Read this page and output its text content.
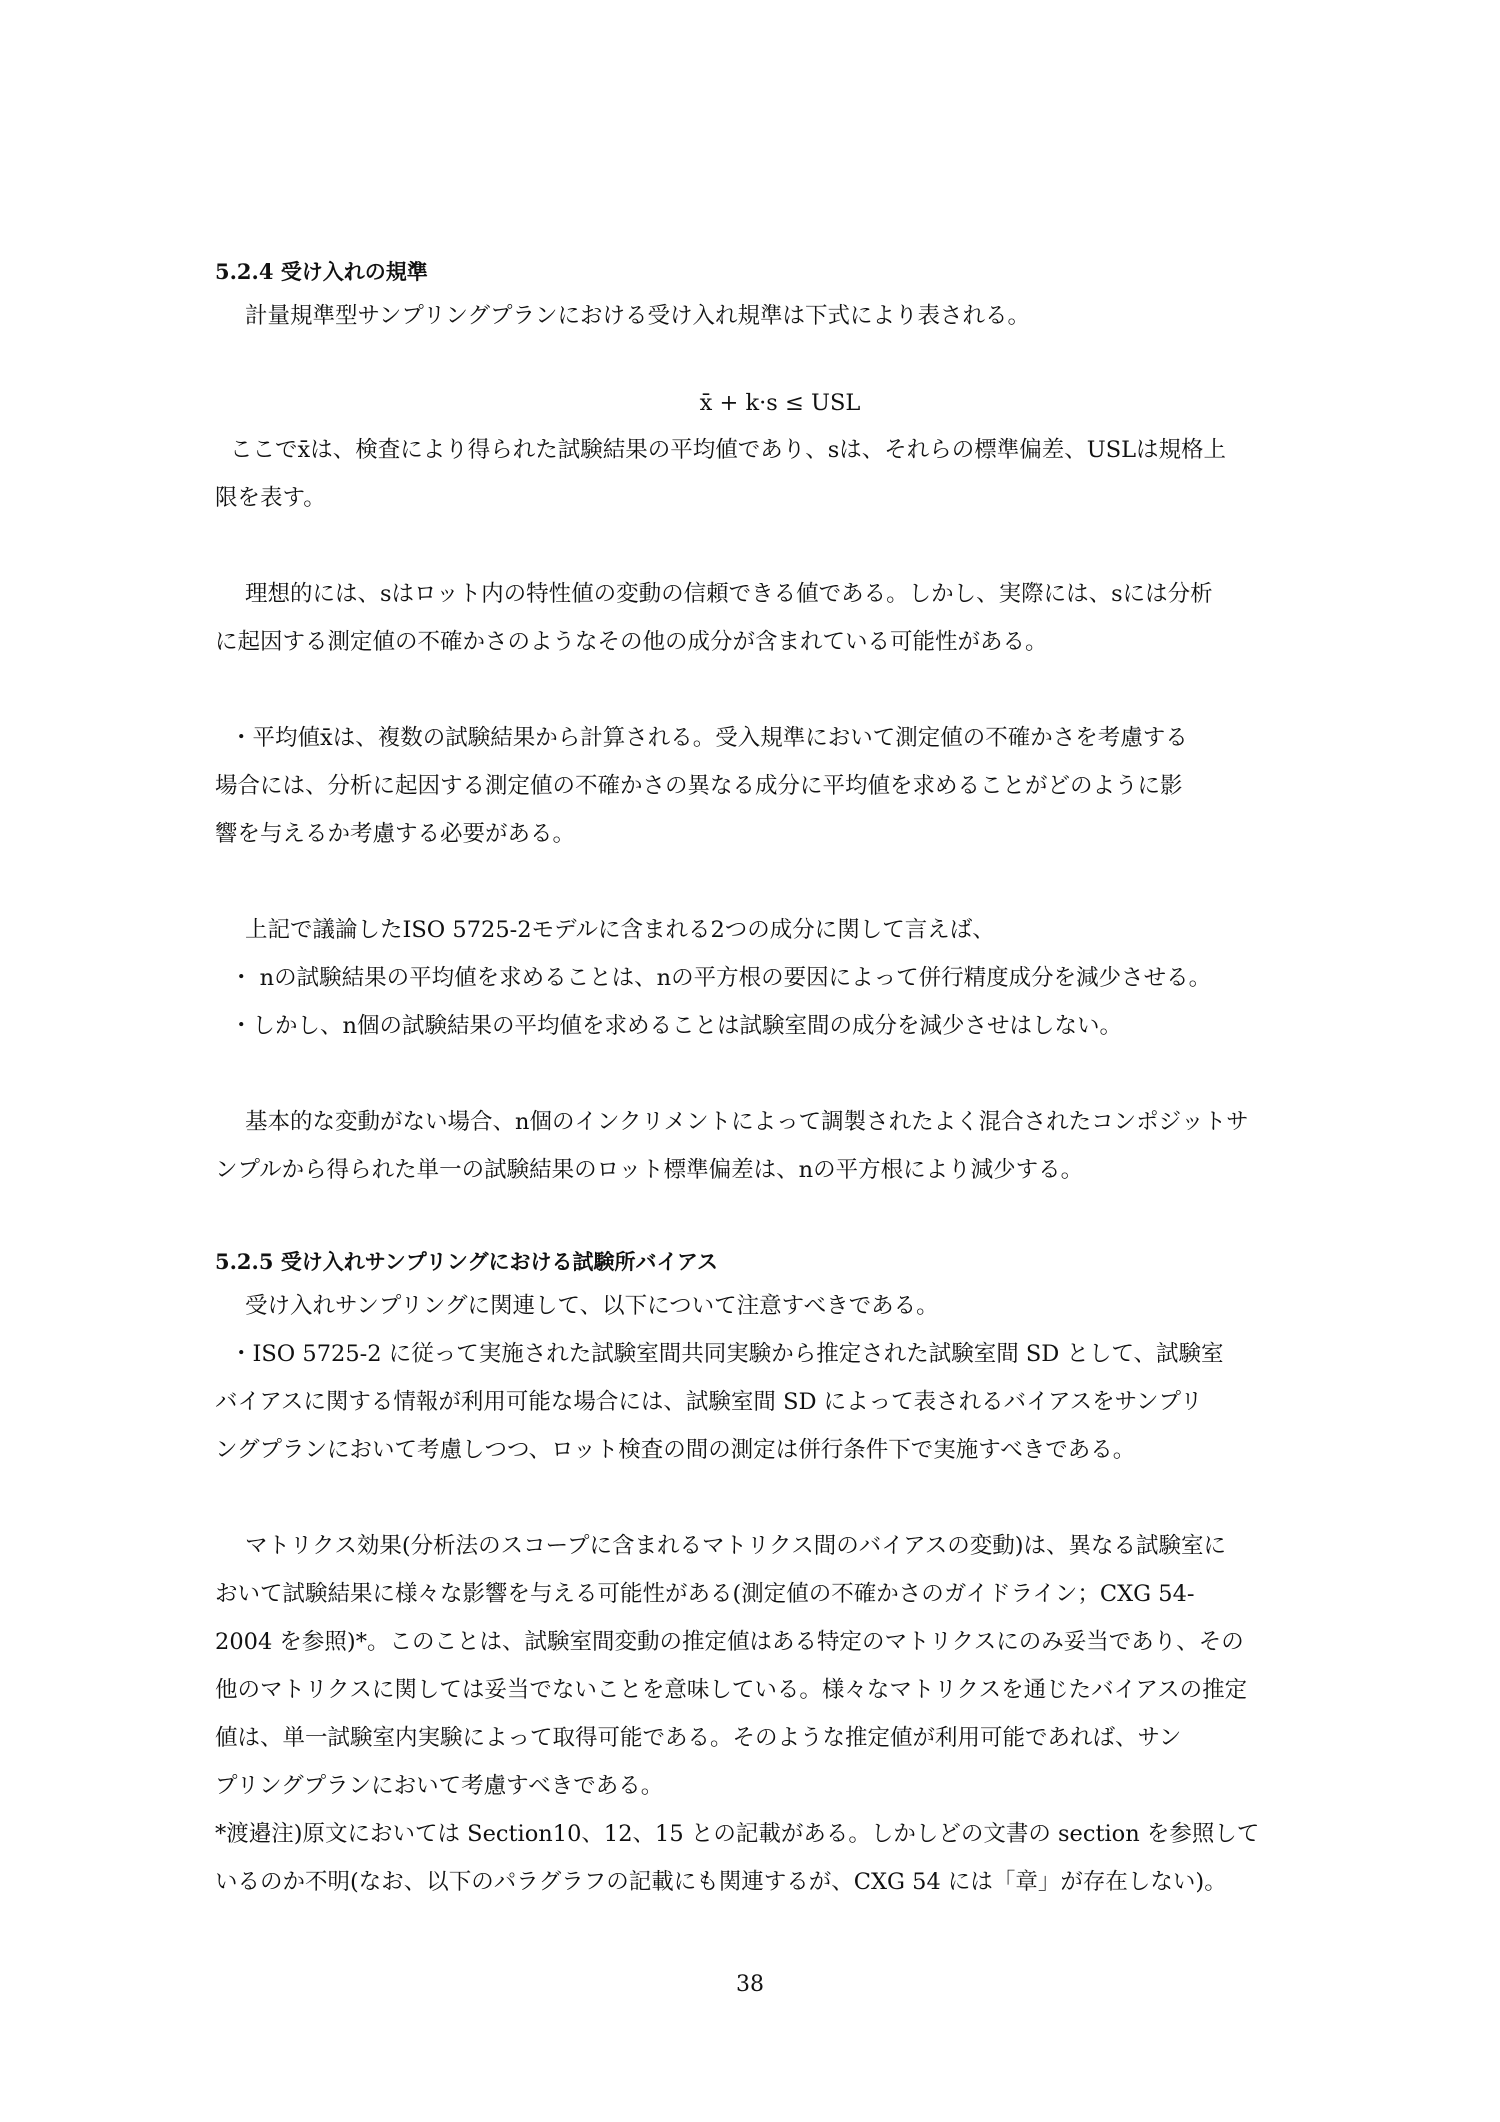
5.2.4 受け入れの規準
計量規準型サンプリングプランにおける受け入れ規準は下式により表される。
x̄ + k·s ≤ USL
ここでx̄は、検査により得られた試験結果の平均値であり、sは、それらの標準偏差、USLは規格上
限を表す。
理想的には、sはロット内の特性値の変動の信頼できる値である。しかし、実際には、sには分析
に起因する測定値の不確かさのようなその他の成分が含まれている可能性がある。
・平均値x̄は、複数の試験結果から計算される。受入規準において測定値の不確かさを考慮する
場合には、分析に起因する測定値の不確かさの異なる成分に平均値を求めることがどのように影
響を与えるか考慮する必要がある。
上記で議論したISO 5725-2モデルに含まれる2つの成分に関して言えば、
・ nの試験結果の平均値を求めることは、nの平方根の要因によって併行精度成分を減少させる。
・しかし、n個の試験結果の平均値を求めることは試験室間の成分を減少させはしない。
基本的な変動がない場合、n個のインクリメントによって調製されたよく混合されたコンポジットサ
ンプルから得られた単一の試験結果のロット標準偏差は、nの平方根により減少する。
5.2.5 受け入れサンプリングにおける試験所バイアス
受け入れサンプリングに関連して、以下について注意すべきである。
・ISO 5725-2 に従って実施された試験室間共同実験から推定された試験室間 SD として、試験室
バイアスに関する情報が利用可能な場合には、試験室間 SD によって表されるバイアスをサンプリ
ングプランにおいて考慮しつつ、ロット検査の間の測定は併行条件下で実施すべきである。
マトリクス効果(分析法のスコープに含まれるマトリクス間のバイアスの変動)は、異なる試験室に
おいて試験結果に様々な影響を与える可能性がある(測定値の不確かさのガイドライン；CXG 54-
2004 を参照)*。このことは、試験室間変動の推定値はある特定のマトリクスにのみ妥当であり、その
他のマトリクスに関しては妥当でないことを意味している。様々なマトリクスを通じたバイアスの推定
値は、単一試験室内実験によって取得可能である。そのような推定値が利用可能であれば、サン
プリングプランにおいて考慮すべきである。
*渡邉注)原文においては Section10、12、15 との記載がある。しかしどの文書の section を参照して
いるのか不明(なお、以下のパラグラフの記載にも関連するが、CXG 54 には「章」が存在しない)。
38
